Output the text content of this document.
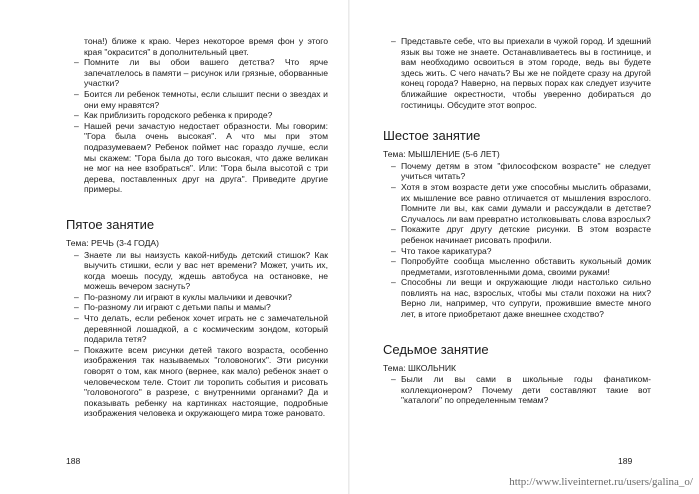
тона!) ближе к краю. Через некоторое время фон у этого края "окрасится" в дополнительный цвет.

– Помните ли вы обои вашего детства? Что ярче запечатлелось в памяти – рисунок или грязные, оборванные участки?

– Боится ли ребенок темноты, если слышит песни о звездах и они ему нравятся?

– Как приблизить городского ребенка к природе?

– Нашей речи зачастую недостает образности. Мы говорим: "Гора была очень высокая". А что мы при этом подразумеваем? Ребенок поймет нас гораздо лучше, если мы скажем: "Гора была до того высокая, что даже великан не мог на нее взобраться". Или: "Гора была высотой с три дерева, поставленных друг на друга". Приведите другие примеры.

Пятое занятие

Тема: РЕЧЬ (3-4 ГОДА)

– Знаете ли вы наизусть какой-нибудь детский стишок? Как выучить стишки, если у вас нет времени? Может, учить их, когда моешь посуду, ждешь автобуса на остановке, не можешь вечером заснуть?

– По-разному ли играют в куклы мальчики и девочки?

– По-разному ли играют с детьми папы и мамы?

– Что делать, если ребенок хочет играть не с замечательной деревянной лошадкой, а с космическим зондом, который подарила тетя?

– Покажите всем рисунки детей такого возраста, особенно изображения так называемых "головоногих". Эти рисунки говорят о том, как много (вернее, как мало) ребенок знает о человеческом теле. Стоит ли торопить события и рисовать "головоногого" в разрезе, с внутренними органами? Да и показывать ребенку на картинках настоящие, подробные изображения человека и окружающего мира тоже рановато.

188

– Представьте себе, что вы приехали в чужой город. И здешний язык вы тоже не знаете. Останавливаетесь вы в гостинице, и вам необходимо освоиться в этом городе, ведь вы будете здесь жить. С чего начать? Вы же не пойдете сразу на другой конец города? Наверно, на первых порах как следует изучите ближайшие окрестности, чтобы уверенно добираться до гостиницы. Обсудите этот вопрос.

Шестое занятие

Тема: МЫШЛЕНИЕ (5-6 ЛЕТ)

– Почему детям в этом "философском возрасте" не следует учиться читать?

– Хотя в этом возрасте дети уже способны мыслить образами, их мышление все равно отличается от мышления взрослого. Помните ли вы, как сами думали и рассуждали в детстве? Случалось ли вам превратно истолковывать слова взрослых?

– Покажите друг другу детские рисунки. В этом возрасте ребенок начинает рисовать профили.

– Что такое карикатура?

– Попробуйте сообща мысленно обставить кукольный домик предметами, изготовленными дома, своими руками!

– Способны ли вещи и окружающие люди настолько сильно повлиять на нас, взрослых, чтобы мы стали похожи на них? Верно ли, например, что супруги, прожившие вместе много лет, в итоге приобретают даже внешнее сходство?

Седьмое занятие

Тема: ШКОЛЬНИК

– Были ли вы сами в школьные годы фанатиком-коллекционером? Почему дети составляют такие вот "каталоги" по определенным темам?

189
http://www.liveinternet.ru/users/galina_o/
